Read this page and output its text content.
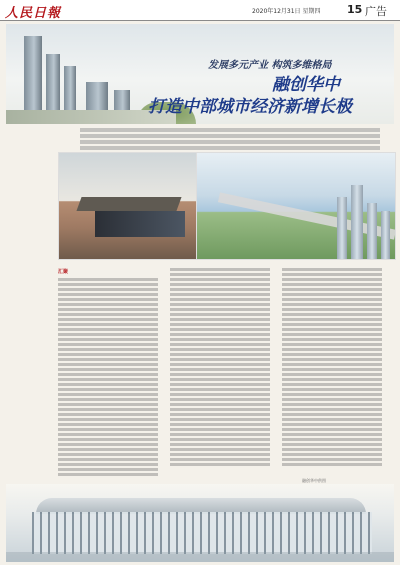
人民日報	2020年12月31日 星期四 15 广告
发展多元产业 构筑多维格局
融创华中
打造中部城市经济新增长极
汇聚
融创华中供图
